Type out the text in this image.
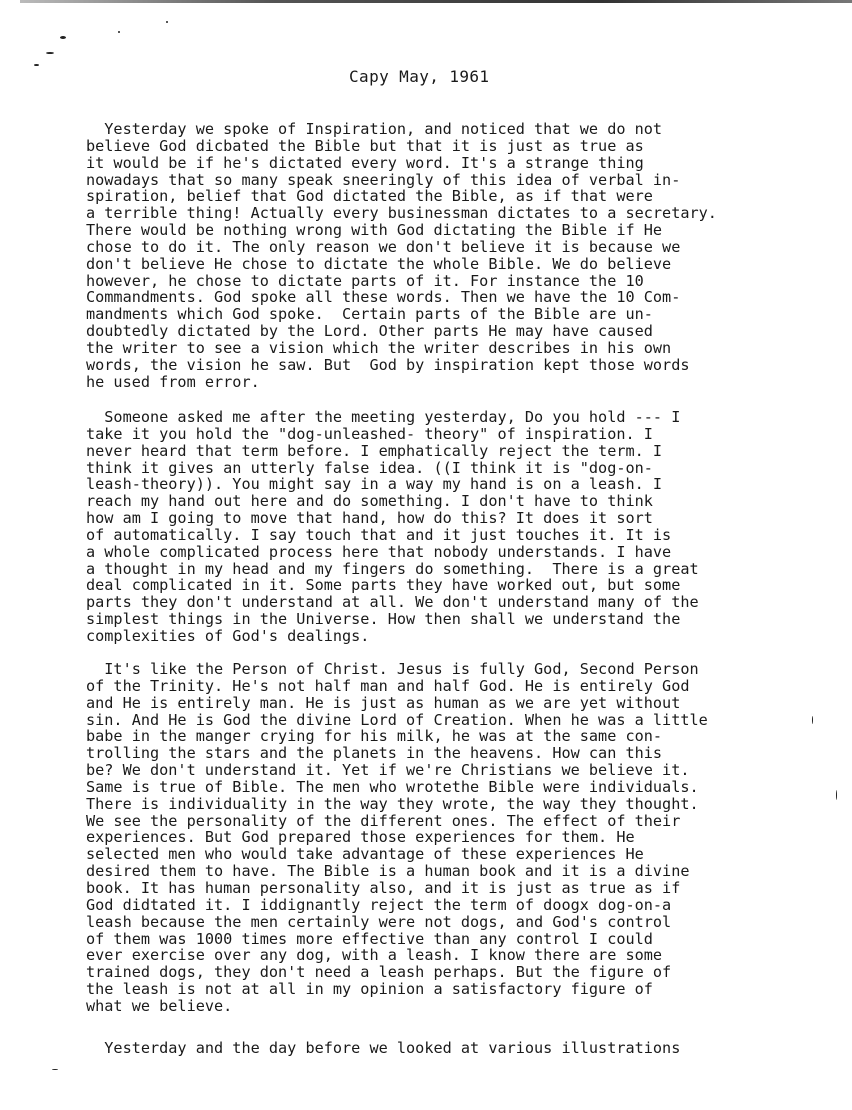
Capy May, 1961

Yesterday we spoke of Inspiration, and noticed that we do not
believe God dicbated the Bible but that it is just as true as
it would be if he's dictated every word. It's a strange thing
nowadays that so many speak sneeringly of this idea of verbal in-
spiration, belief that God dictated the Bible, as if that were
a terrible thing! Actually every businessman dictates to a secretary.
There would be nothing wrong with God dictating the Bible if He
chose to do it. The only reason we don't believe it is because we
don't believe He chose to dictate the whole Bible. We do believe
however, he chose to dictate parts of it. For instance the 10
Commandments. God spoke all these words. Then we have the 10 Com-
mandments which God spoke.  Certain parts of the Bible are un-
doubtedly dictated by the Lord. Other parts He may have caused
the writer to see a vision which the writer describes in his own
words, the vision he saw. But  God by inspiration kept those words
he used from error.

Someone asked me after the meeting yesterday, Do you hold --- I
take it you hold the "dog-unleashed- theory" of inspiration. I
never heard that term before. I emphatically reject the term. I
think it gives an utterly false idea. ((I think it is "dog-on-
leash-theory)). You might say in a way my hand is on a leash. I
reach my hand out here and do something. I don't have to think
how am I going to move that hand, how do this? It does it sort
of automatically. I say touch that and it just touches it. It is
a whole complicated process here that nobody understands. I have
a thought in my head and my fingers do something.  There is a great
deal complicated in it. Some parts they have worked out, but some
parts they don't understand at all. We don't understand many of the
simplest things in the Universe. How then shall we understand the
complexities of God's dealings.

It's like the Person of Christ. Jesus is fully God, Second Person
of the Trinity. He's not half man and half God. He is entirely God
and He is entirely man. He is just as human as we are yet without
sin. And He is God the divine Lord of Creation. When he was a little
babe in the manger crying for his milk, he was at the same con-
trolling the stars and the planets in the heavens. How can this
be? We don't understand it. Yet if we're Christians we believe it.
Same is true of Bible. The men who wrotethe Bible were individuals.
There is individuality in the way they wrote, the way they thought.
We see the personality of the different ones. The effect of their
experiences. But God prepared those experiences for them. He
selected men who would take advantage of these experiences He
desired them to have. The Bible is a human book and it is a divine
book. It has human personality also, and it is just as true as if
God didtated it. I iddignantly reject the term of doogx dog-on-a
leash because the men certainly were not dogs, and God's control
of them was 1000 times more effective than any control I could
ever exercise over any dog, with a leash. I know there are some
trained dogs, they don't need a leash perhaps. But the figure of
the leash is not at all in my opinion a satisfactory figure of
what we believe.

Yesterday and the day before we looked at various illustrations
